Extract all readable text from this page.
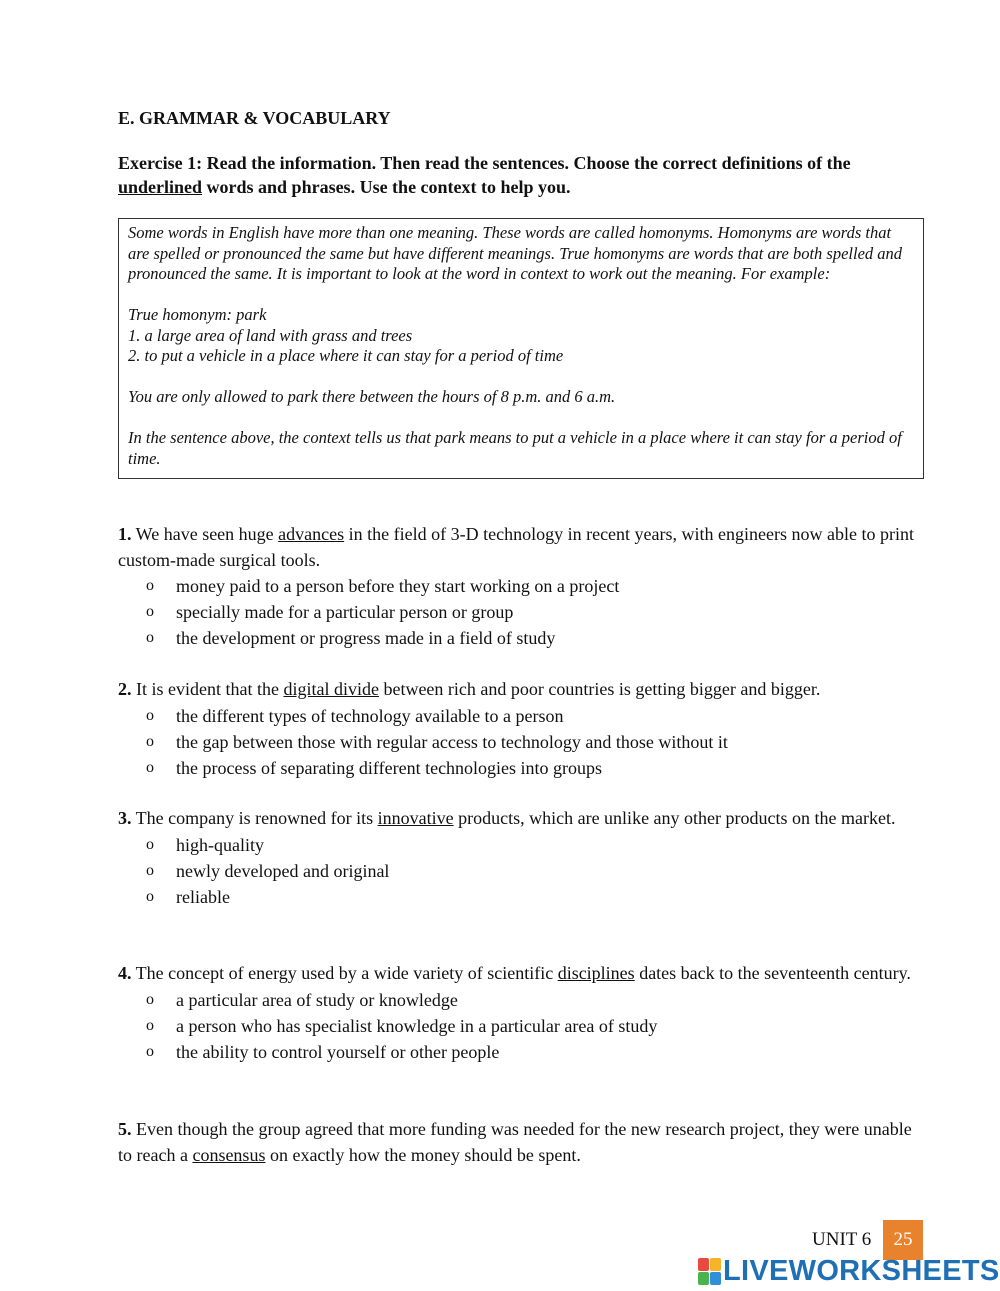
E. GRAMMAR & VOCABULARY
Exercise 1: Read the information. Then read the sentences. Choose the correct definitions of the underlined words and phrases. Use the context to help you.

Some words in English have more than one meaning. These words are called homonyms. Homonyms are words that are spelled or pronounced the same but have different meanings. True homonyms are words that are both spelled and pronounced the same. It is important to look at the word in context to work out the meaning. For example:

True homonym: park

1. a large area of land with grass and trees

2. to put a vehicle in a place where it can stay for a period of time

You are only allowed to park there between the hours of 8 p.m. and 6 a.m.

In the sentence above, the context tells us that park means to put a vehicle in a place where it can stay for a period of time.

1. We have seen huge advances in the field of 3-D technology in recent years, with engineers now able to print custom-made surgical tools.

o money paid to a person before they start working on a project
o specially made for a particular person or group
o the development or progress made in a field of study

2. It is evident that the digital divide between rich and poor countries is getting bigger and bigger.

o the different types of technology available to a person
o the gap between those with regular access to technology and those without it
o the process of separating different technologies into groups

3. The company is renowned for its innovative products, which are unlike any other products on the market.

o high-quality
o newly developed and original
o reliable

4. The concept of energy used by a wide variety of scientific disciplines dates back to the seventeenth century.

o a particular area of study or knowledge
o a person who has specialist knowledge in a particular area of study
o the ability to control yourself or other people

5. Even though the group agreed that more funding was needed for the new research project, they were unable to reach a consensus on exactly how the money should be spent.

UNIT 6	25
LIVEWORKSHEETS
